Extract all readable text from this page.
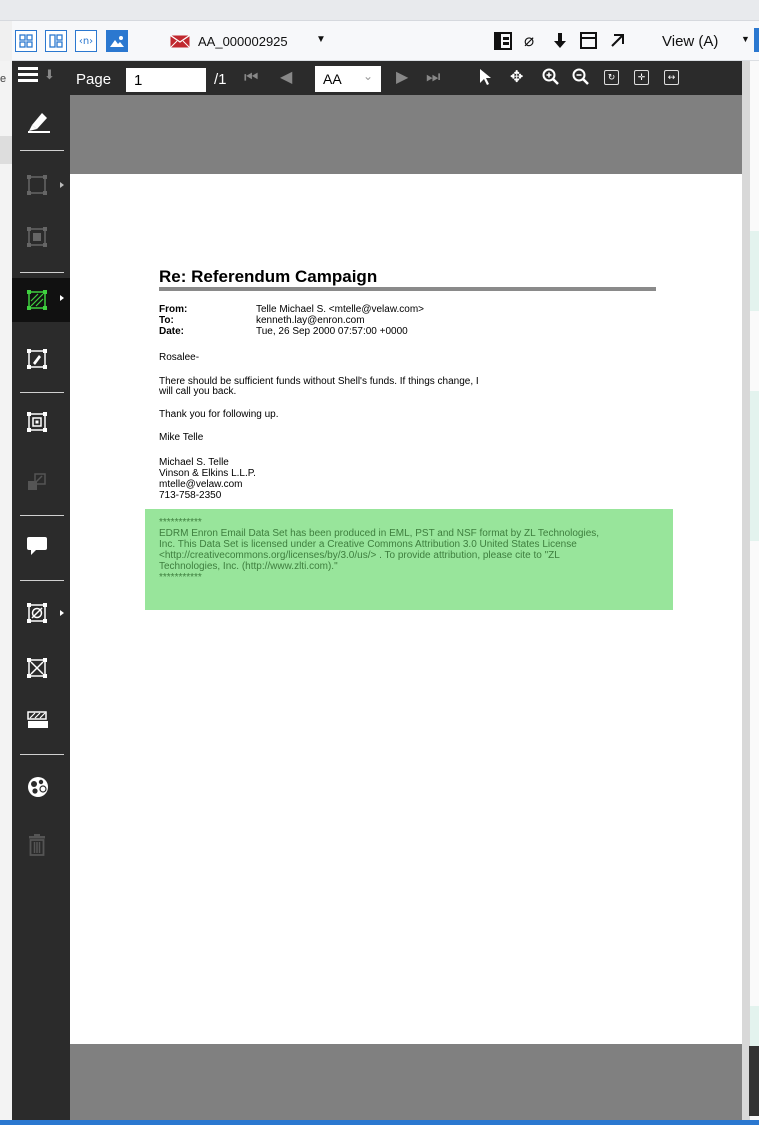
‹n›	AA_000002925	▼	⌀	View (A)	▼
e	⬇ Page
1	/1 ⏮ ◀ AA ⌄ ▶ ⏭	✥	↻	✛	↔
Re: Referendum Campaign
From:	Telle Michael S. <mtelle@velaw.com>
To:	kenneth.lay@enron.com
Date:	Tue, 26 Sep 2000 07:57:00 +0000
Rosalee-
There should be sufficient funds without Shell's funds. If things change, I
will call you back.
Thank you for following up.
Mike Telle
Michael S. Telle
Vinson & Elkins L.L.P.
mtelle@velaw.com
713-758-2350
***********
EDRM Enron Email Data Set has been produced in EML, PST and NSF format by ZL Technologies,
Inc. This Data Set is licensed under a Creative Commons Attribution 3.0 United States License
<http://creativecommons.org/licenses/by/3.0/us/> . To provide attribution, please cite to "ZL
Technologies, Inc. (http://www.zlti.com)."
***********
